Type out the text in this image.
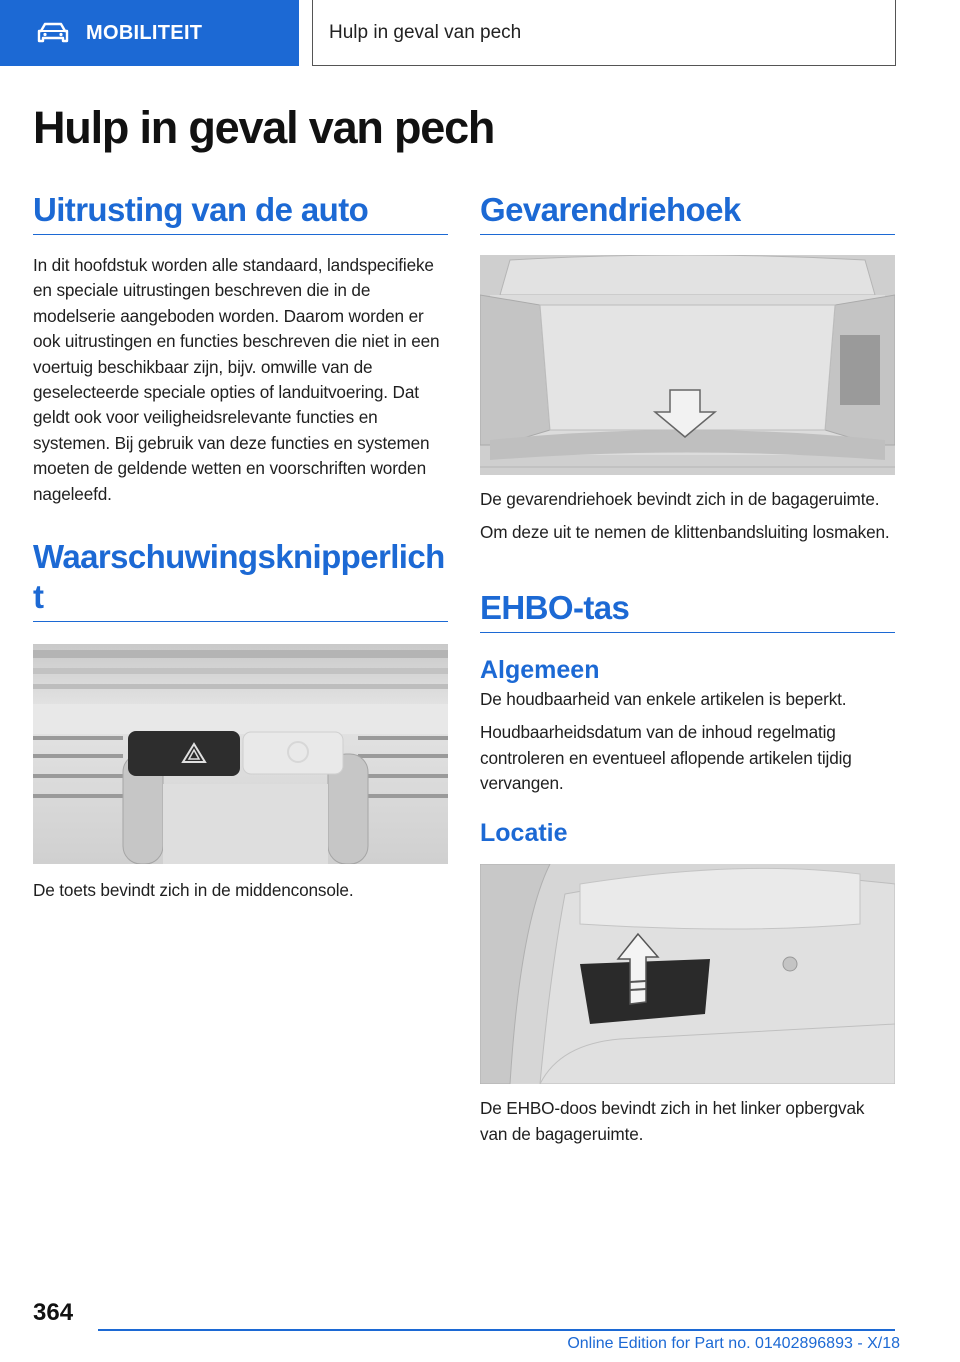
MOBILITEIT	Hulp in geval van pech
Hulp in geval van pech
Uitrusting van de auto

In dit hoofdstuk worden alle standaard, landspecifieke en speciale uitrustingen beschreven die in de modelserie aangeboden worden. Daarom worden er ook uitrustingen en functies beschreven die niet in een voertuig beschikbaar zijn, bijv. omwille van de geselecteerde speciale opties of landuitvoering. Dat geldt ook voor veiligheidsrelevante functies en systemen. Bij gebruik van deze functies en systemen moeten de geldende wetten en voorschriften worden nageleefd.

Waarschuwingsknipperlich
t

De toets bevindt zich in de middenconsole.

Gevarendriehoek

De gevarendriehoek bevindt zich in de bagageruimte.

Om deze uit te nemen de klittenbandsluiting losmaken.

EHBO-tas
Algemeen

De houdbaarheid van enkele artikelen is beperkt.

Houdbaarheidsdatum van de inhoud regelmatig controleren en eventueel aflopende artikelen tijdig vervangen.

Locatie

De EHBO-doos bevindt zich in het linker opbergvak van de bagageruimte.

364
Online Edition for Part no. 01402896893 - X/18
